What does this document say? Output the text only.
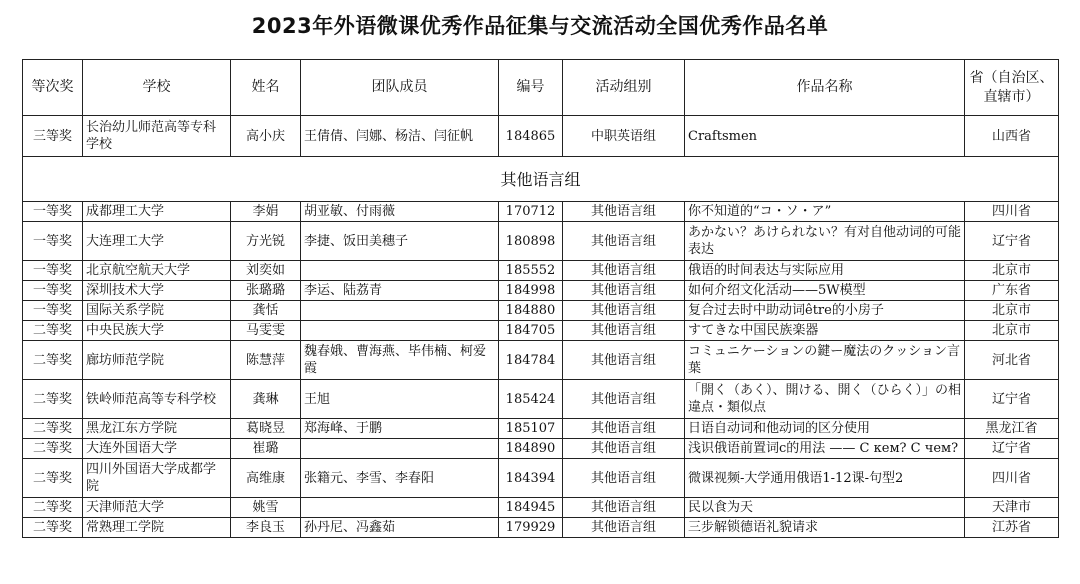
2023年外语微课优秀作品征集与交流活动全国优秀作品名单
等次奖	学校	姓名	团队成员	编号	活动组别	作品名称	省（自治区、直辖市）
三等奖	长治幼儿师范高等专科学校	高小庆	王倩倩、闫娜、杨洁、闫征帆	184865	中职英语组	Craftsmen	山西省
其他语言组							
一等奖	成都理工大学	李娟	胡亚敏、付雨薇	170712	其他语言组	你不知道的“コ・ソ・ア”	四川省
一等奖	大连理工大学	方光锐	李捷、饭田美穗子	180898	其他语言组	あかない？あけられない？有对自他动词的可能表达	辽宁省
一等奖	北京航空航天大学	刘奕如		185552	其他语言组	俄语的时间表达与实际应用	北京市
一等奖	深圳技术大学	张璐璐	李运、陆荔青	184998	其他语言组	如何介绍文化活动——5W模型	广东省
一等奖	国际关系学院	龚恬		184880	其他语言组	复合过去时中助动词être的小房子	北京市
二等奖	中央民族大学	马雯雯		184705	其他语言组	すてきな中国民族楽器	北京市
二等奖	廊坊师范学院	陈慧萍	魏春娥、曹海燕、毕伟楠、柯爱霞	184784	其他语言组	コミュニケーションの鍵ー魔法のクッション言葉	河北省
二等奖	铁岭师范高等专科学校	龚琳	王旭	185424	其他语言组	「開く（あく）、開ける、開く（ひらく）」の相違点・類似点	辽宁省
二等奖	黑龙江东方学院	葛晓昱	郑海峰、于鹏	185107	其他语言组	日语自动词和他动词的区分使用	黑龙江省
二等奖	大连外国语大学	崔璐		184890	其他语言组	浅识俄语前置词c的用法 —— С кем? С чем?	辽宁省
二等奖	四川外国语大学成都学院	高维康	张籍元、李雪、李春阳	184394	其他语言组	微课视频-大学通用俄语1-12课-句型2	四川省
二等奖	天津师范大学	姚雪		184945	其他语言组	民以食为天	天津市
二等奖	常熟理工学院	李良玉	孙丹尼、冯鑫茹	179929	其他语言组	三步解锁德语礼貌请求	江苏省
